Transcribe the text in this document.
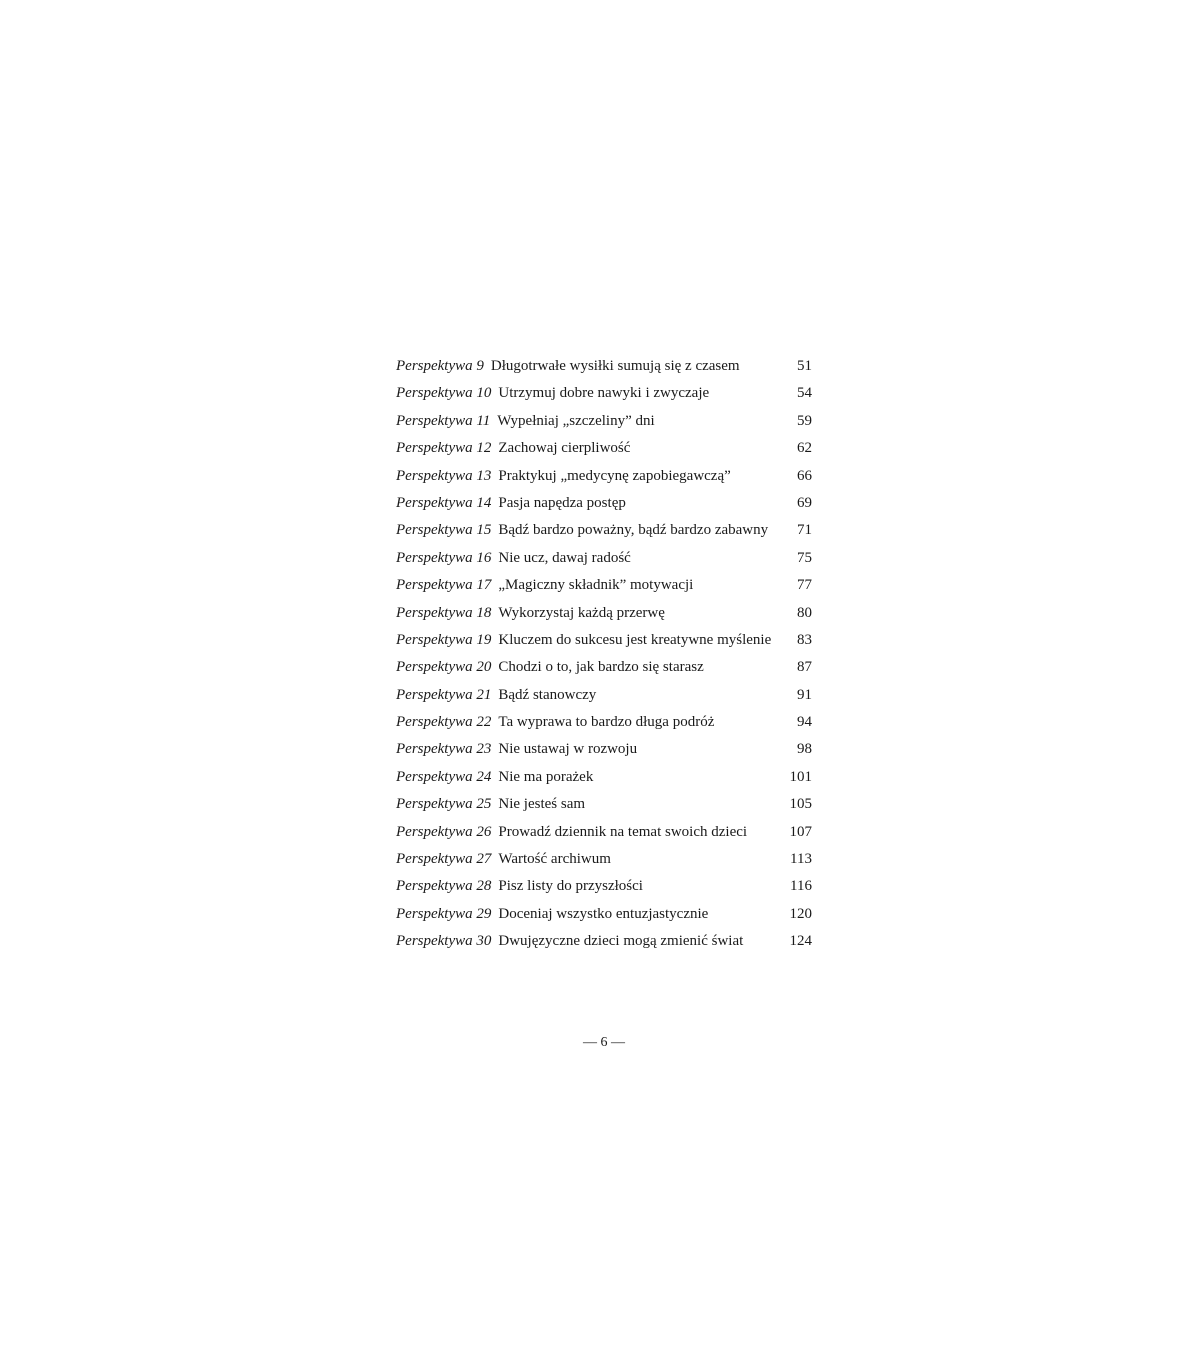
Perspektywa 9 Długotrwałe wysiłki sumują się z czasem	51
Perspektywa 10 Utrzymuj dobre nawyki i zwyczaje	54
Perspektywa 11 Wypełniaj „szczeliny” dni	59
Perspektywa 12 Zachowaj cierpliwość	62
Perspektywa 13 Praktykuj „medycynę zapobiegawczą”	66
Perspektywa 14 Pasja napędza postęp	69
Perspektywa 15 Bądź bardzo poważny, bądź bardzo zabawny	71
Perspektywa 16 Nie ucz, dawaj radość	75
Perspektywa 17 „Magiczny składnik” motywacji	77
Perspektywa 18 Wykorzystaj każdą przerwę	80
Perspektywa 19 Kluczem do sukcesu jest kreatywne myślenie	83
Perspektywa 20 Chodzi o to, jak bardzo się starasz	87
Perspektywa 21 Bądź stanowczy	91
Perspektywa 22 Ta wyprawa to bardzo długa podróż	94
Perspektywa 23 Nie ustawaj w rozwoju	98
Perspektywa 24 Nie ma porażek	101
Perspektywa 25 Nie jesteś sam	105
Perspektywa 26 Prowadź dziennik na temat swoich dzieci	107
Perspektywa 27 Wartość archiwum	113
Perspektywa 28 Pisz listy do przyszłości	116
Perspektywa 29 Doceniaj wszystko entuzjastycznie	120
Perspektywa 30 Dwujęzyczne dzieci mogą zmienić świat	124
— 6 —
